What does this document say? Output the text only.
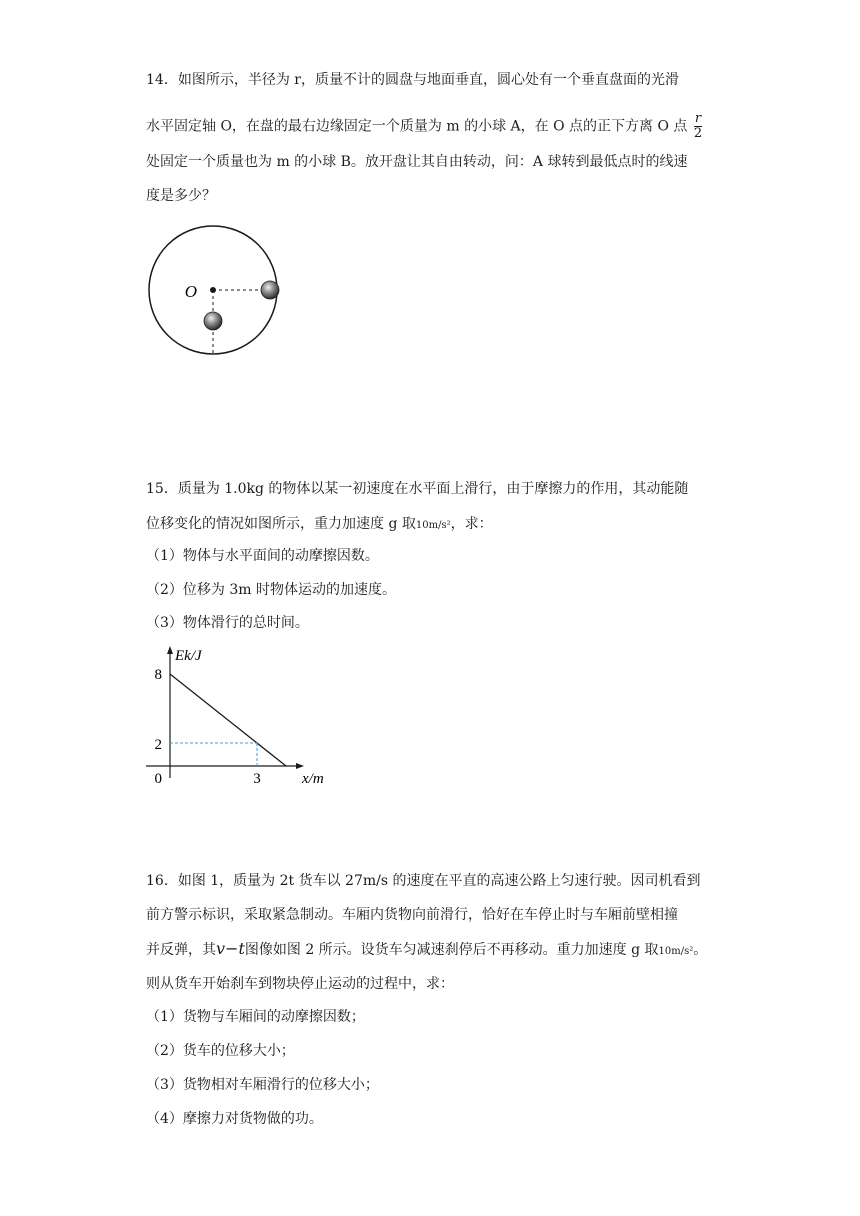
14．如图所示，半径为 r，质量不计的圆盘与地面垂直，圆心处有一个垂直盘面的光滑
水平固定轴 O，在盘的最右边缘固定一个质量为 m 的小球 A，在 O 点的正下方离 O 点 $\frac{r}{2}$
处固定一个质量也为 m 的小球 B。放开盘让其自由转动，问：A 球转到最低点时的线速
度是多少？
O
15．质量为 1.0kg 的物体以某一初速度在水平面上滑行，由于摩擦力的作用，其动能随
位移变化的情况如图所示，重力加速度 g 取10m/s²，求：
（1）物体与水平面间的动摩擦因数。
（2）位移为 3m 时物体运动的加速度。
（3）物体滑行的总时间。
Ek/J
8
2
0	3	x/m
16．如图 1，质量为 2t 货车以 27m/s 的速度在平直的高速公路上匀速行驶。因司机看到
前方警示标识，采取紧急制动。车厢内货物向前滑行，恰好在车停止时与车厢前壁相撞
并反弹，其v−t图像如图 2 所示。设货车匀减速刹停后不再移动。重力加速度 g 取10m/s²。
则从货车开始刹车到物块停止运动的过程中，求：
（1）货物与车厢间的动摩擦因数；
（2）货车的位移大小；
（3）货物相对车厢滑行的位移大小；
（4）摩擦力对货物做的功。
